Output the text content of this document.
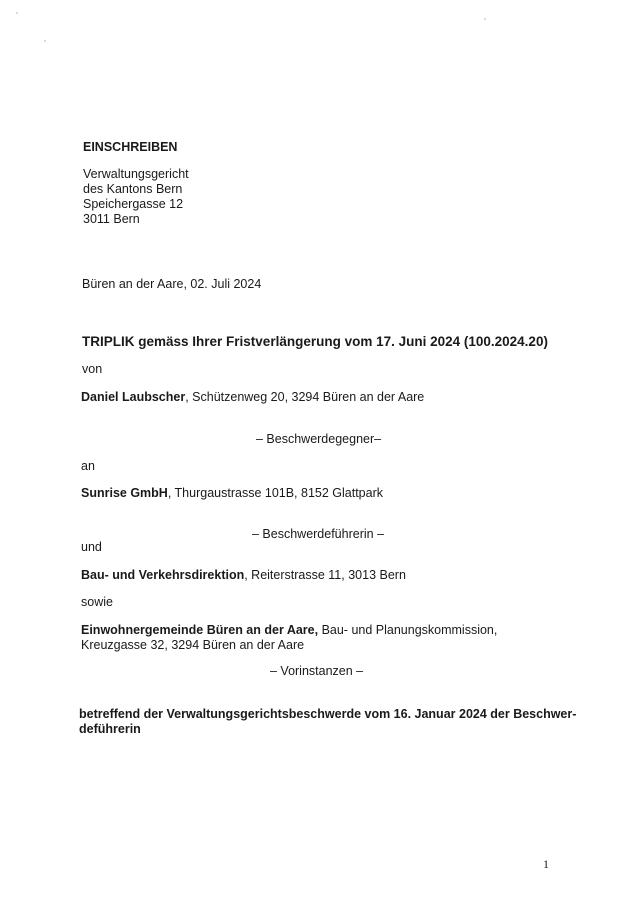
EINSCHREIBEN
Verwaltungsgericht
des Kantons Bern
Speichergasse 12
3011 Bern
Büren an der Aare, 02. Juli 2024
TRIPLIK gemäss Ihrer Fristverlängerung vom 17. Juni 2024 (100.2024.20)
von
Daniel Laubscher, Schützenweg 20, 3294 Büren an der Aare
– Beschwerdegegner–
an
Sunrise GmbH, Thurgaustrasse 101B, 8152 Glattpark
– Beschwerdeführerin –
und
Bau- und Verkehrsdirektion, Reiterstrasse 11, 3013 Bern
sowie
Einwohnergemeinde Büren an der Aare, Bau- und Planungskommission,
Kreuzgasse 32, 3294 Büren an der Aare
– Vorinstanzen –
betreffend der Verwaltungsgerichtsbeschwerde vom 16. Januar 2024 der Beschwer-
deführerin
1
